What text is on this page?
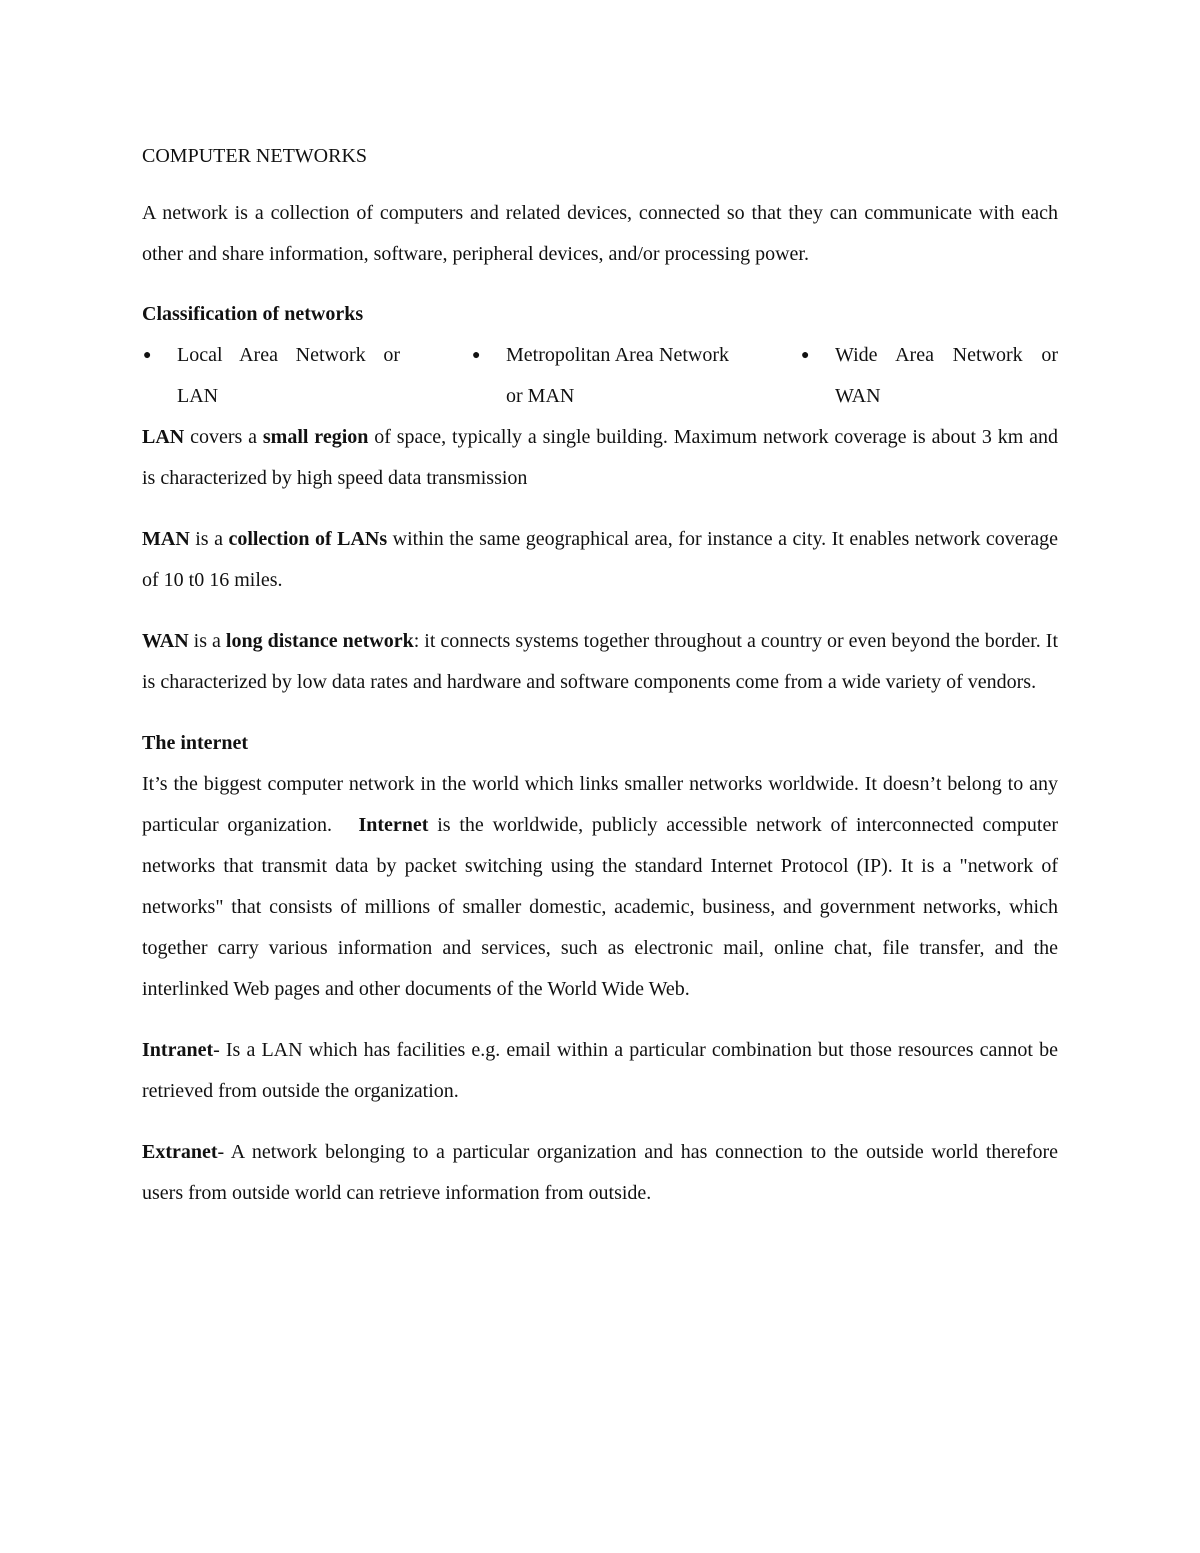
COMPUTER NETWORKS

A network is a collection of computers and related devices, connected so that they can communicate with each other and share information, software, peripheral devices, and/or processing power.

Classification of networks

●	Local Area Network or LAN
●	Metropolitan Area Network or MAN
●	Wide Area Network or WAN

LAN covers a small region of space, typically a single building. Maximum network coverage is about 3 km and is characterized by high speed data transmission

MAN is a collection of LANs within the same geographical area, for instance a city. It enables network coverage of 10 t0 16 miles.

WAN is a long distance network: it connects systems together throughout a country or even beyond the border. It is characterized by low data rates and hardware and software components come from a wide variety of vendors.

The internet

It’s the biggest computer network in the world which links smaller networks worldwide. It doesn’t belong to any particular organization.   Internet is the worldwide, publicly accessible network of interconnected computer networks that transmit data by packet switching using the standard Internet Protocol (IP). It is a "network of networks" that consists of millions of smaller domestic, academic, business, and government networks, which together carry various information and services, such as electronic mail, online chat, file transfer, and the interlinked Web pages and other documents of the World Wide Web.

Intranet- Is a LAN which has facilities e.g. email within a particular combination but those resources cannot be retrieved from outside the organization.

Extranet- A network belonging to a particular organization and has connection to the outside world therefore users from outside world can retrieve information from outside.
